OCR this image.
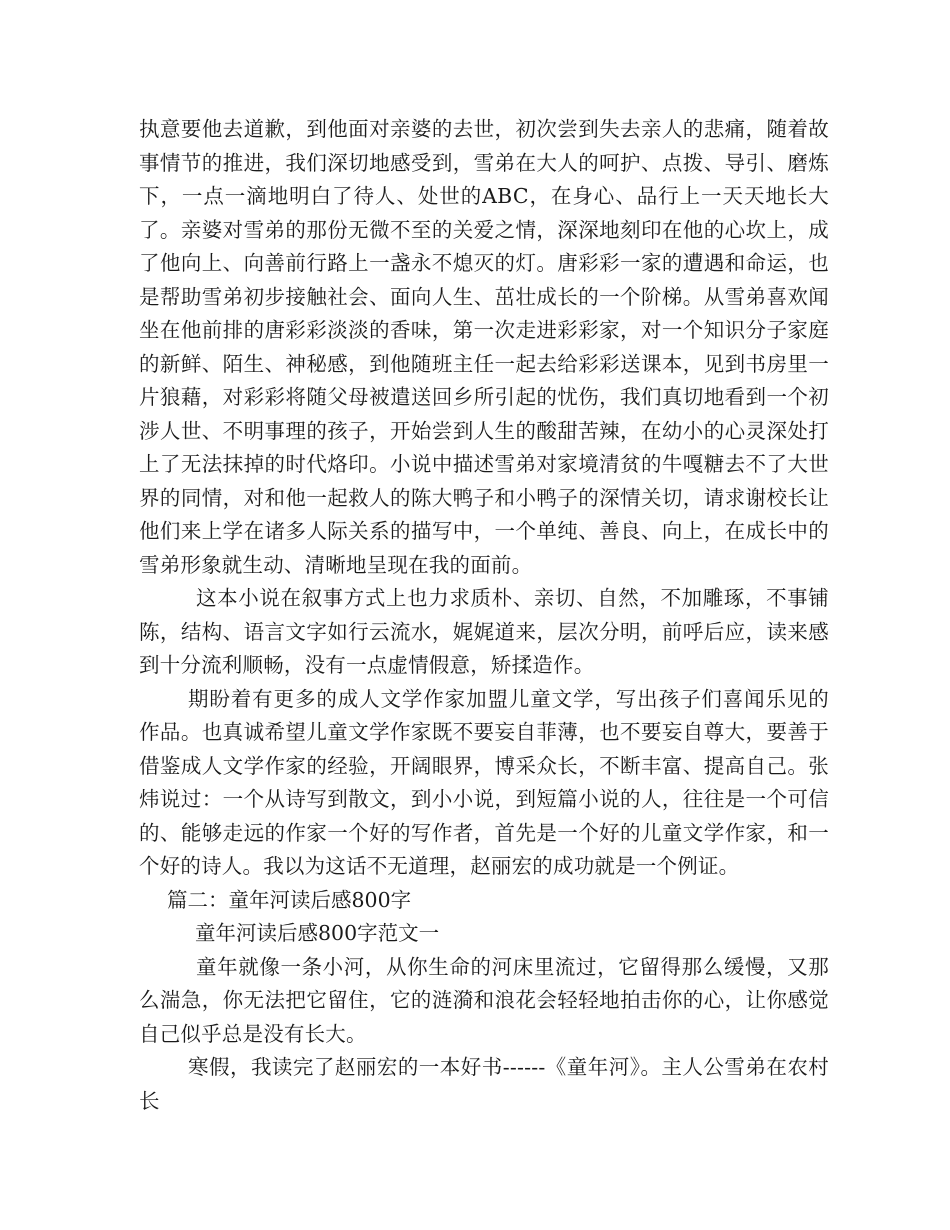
执意要他去道歉，到他面对亲婆的去世，初次尝到失去亲人的悲痛，随着故事情节的推进，我们深切地感受到，雪弟在大人的呵护、点拨、导引、磨炼下，一点一滴地明白了待人、处世的ABC，在身心、品行上一天天地长大了。亲婆对雪弟的那份无微不至的关爱之情，深深地刻印在他的心坎上，成了他向上、向善前行路上一盏永不熄灭的灯。唐彩彩一家的遭遇和命运，也是帮助雪弟初步接触社会、面向人生、茁壮成长的一个阶梯。从雪弟喜欢闻坐在他前排的唐彩彩淡淡的香味，第一次走进彩彩家，对一个知识分子家庭的新鲜、陌生、神秘感，到他随班主任一起去给彩彩送课本，见到书房里一片狼藉，对彩彩将随父母被遣送回乡所引起的忧伤，我们真切地看到一个初涉人世、不明事理的孩子，开始尝到人生的酸甜苦辣，在幼小的心灵深处打上了无法抹掉的时代烙印。小说中描述雪弟对家境清贫的牛嘎糖去不了大世界的同情，对和他一起救人的陈大鸭子和小鸭子的深情关切，请求谢校长让他们来上学在诸多人际关系的描写中，一个单纯、善良、向上，在成长中的雪弟形象就生动、清晰地呈现在我的面前。

这本小说在叙事方式上也力求质朴、亲切、自然，不加雕琢，不事铺陈，结构、语言文字如行云流水，娓娓道来，层次分明，前呼后应，读来感到十分流利顺畅，没有一点虚情假意，矫揉造作。

期盼着有更多的成人文学作家加盟儿童文学，写出孩子们喜闻乐见的作品。也真诚希望儿童文学作家既不要妄自菲薄，也不要妄自尊大，要善于借鉴成人文学作家的经验，开阔眼界，博采众长，不断丰富、提高自己。张炜说过：一个从诗写到散文，到小小说，到短篇小说的人，往往是一个可信的、能够走远的作家一个好的写作者，首先是一个好的儿童文学作家，和一个好的诗人。我以为这话不无道理，赵丽宏的成功就是一个例证。

篇二：童年河读后感800字

童年河读后感800字范文一

童年就像一条小河，从你生命的河床里流过，它留得那么缓慢，又那么湍急，你无法把它留住，它的涟漪和浪花会轻轻地拍击你的心，让你感觉自己似乎总是没有长大。

寒假，我读完了赵丽宏的一本好书------《童年河》。主人公雪弟在农村长
